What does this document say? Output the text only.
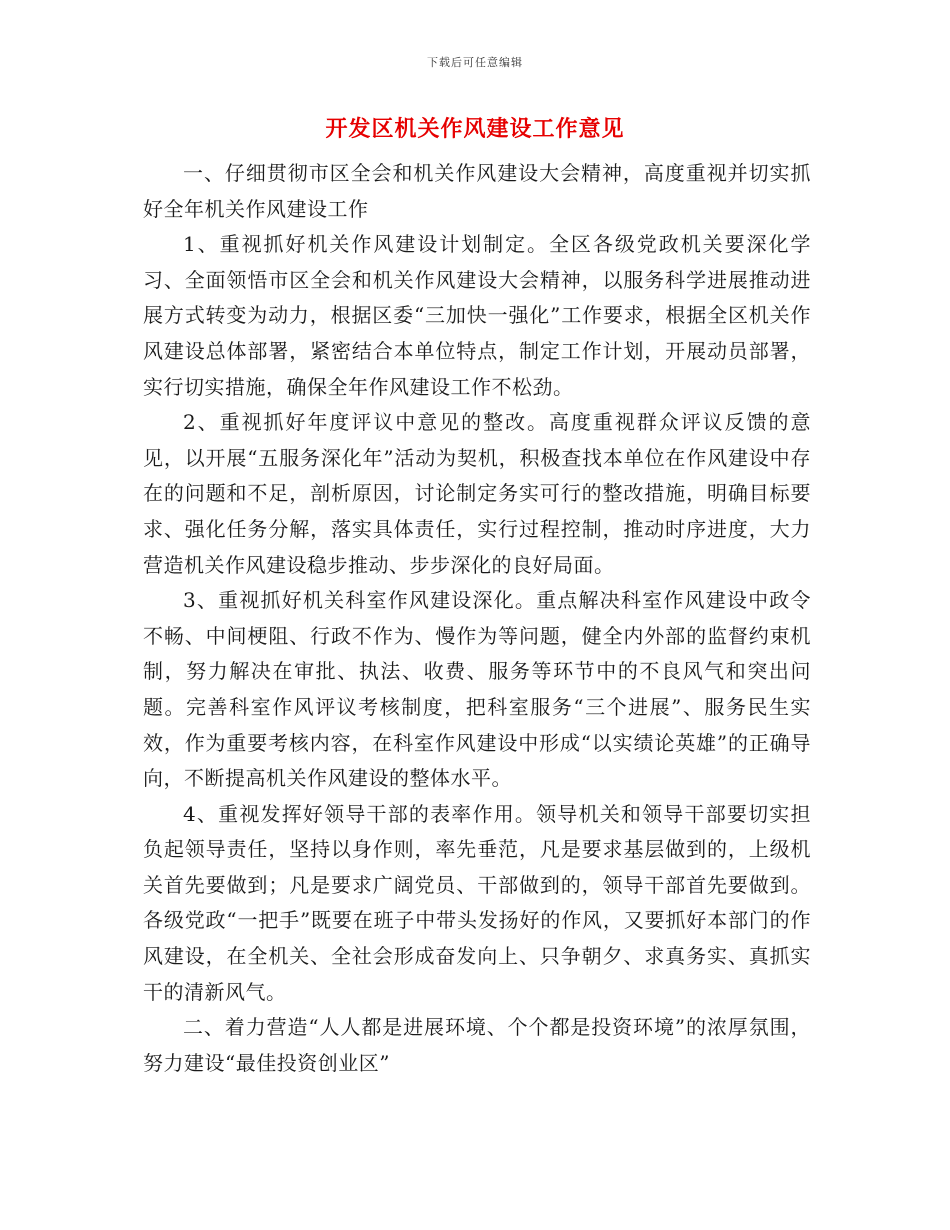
下载后可任意编辑
开发区机关作风建设工作意见

一、仔细贯彻市区全会和机关作风建设大会精神，高度重视并切实抓好全年机关作风建设工作

1、重视抓好机关作风建设计划制定。全区各级党政机关要深化学习、全面领悟市区全会和机关作风建设大会精神，以服务科学进展推动进展方式转变为动力，根据区委“三加快一强化”工作要求，根据全区机关作风建设总体部署，紧密结合本单位特点，制定工作计划，开展动员部署，实行切实措施，确保全年作风建设工作不松劲。

2、重视抓好年度评议中意见的整改。高度重视群众评议反馈的意见，以开展“五服务深化年”活动为契机，积极查找本单位在作风建设中存在的问题和不足，剖析原因，讨论制定务实可行的整改措施，明确目标要求、强化任务分解，落实具体责任，实行过程控制，推动时序进度，大力营造机关作风建设稳步推动、步步深化的良好局面。

3、重视抓好机关科室作风建设深化。重点解决科室作风建设中政令不畅、中间梗阻、行政不作为、慢作为等问题，健全内外部的监督约束机制，努力解决在审批、执法、收费、服务等环节中的不良风气和突出问题。完善科室作风评议考核制度，把科室服务“三个进展”、服务民生实效，作为重要考核内容，在科室作风建设中形成“以实绩论英雄”的正确导向，不断提高机关作风建设的整体水平。

4、重视发挥好领导干部的表率作用。领导机关和领导干部要切实担负起领导责任，坚持以身作则，率先垂范，凡是要求基层做到的，上级机关首先要做到；凡是要求广阔党员、干部做到的，领导干部首先要做到。各级党政“一把手”既要在班子中带头发扬好的作风，又要抓好本部门的作风建设，在全机关、全社会形成奋发向上、只争朝夕、求真务实、真抓实干的清新风气。

二、着力营造“人人都是进展环境、个个都是投资环境”的浓厚氛围，努力建设“最佳投资创业区”
